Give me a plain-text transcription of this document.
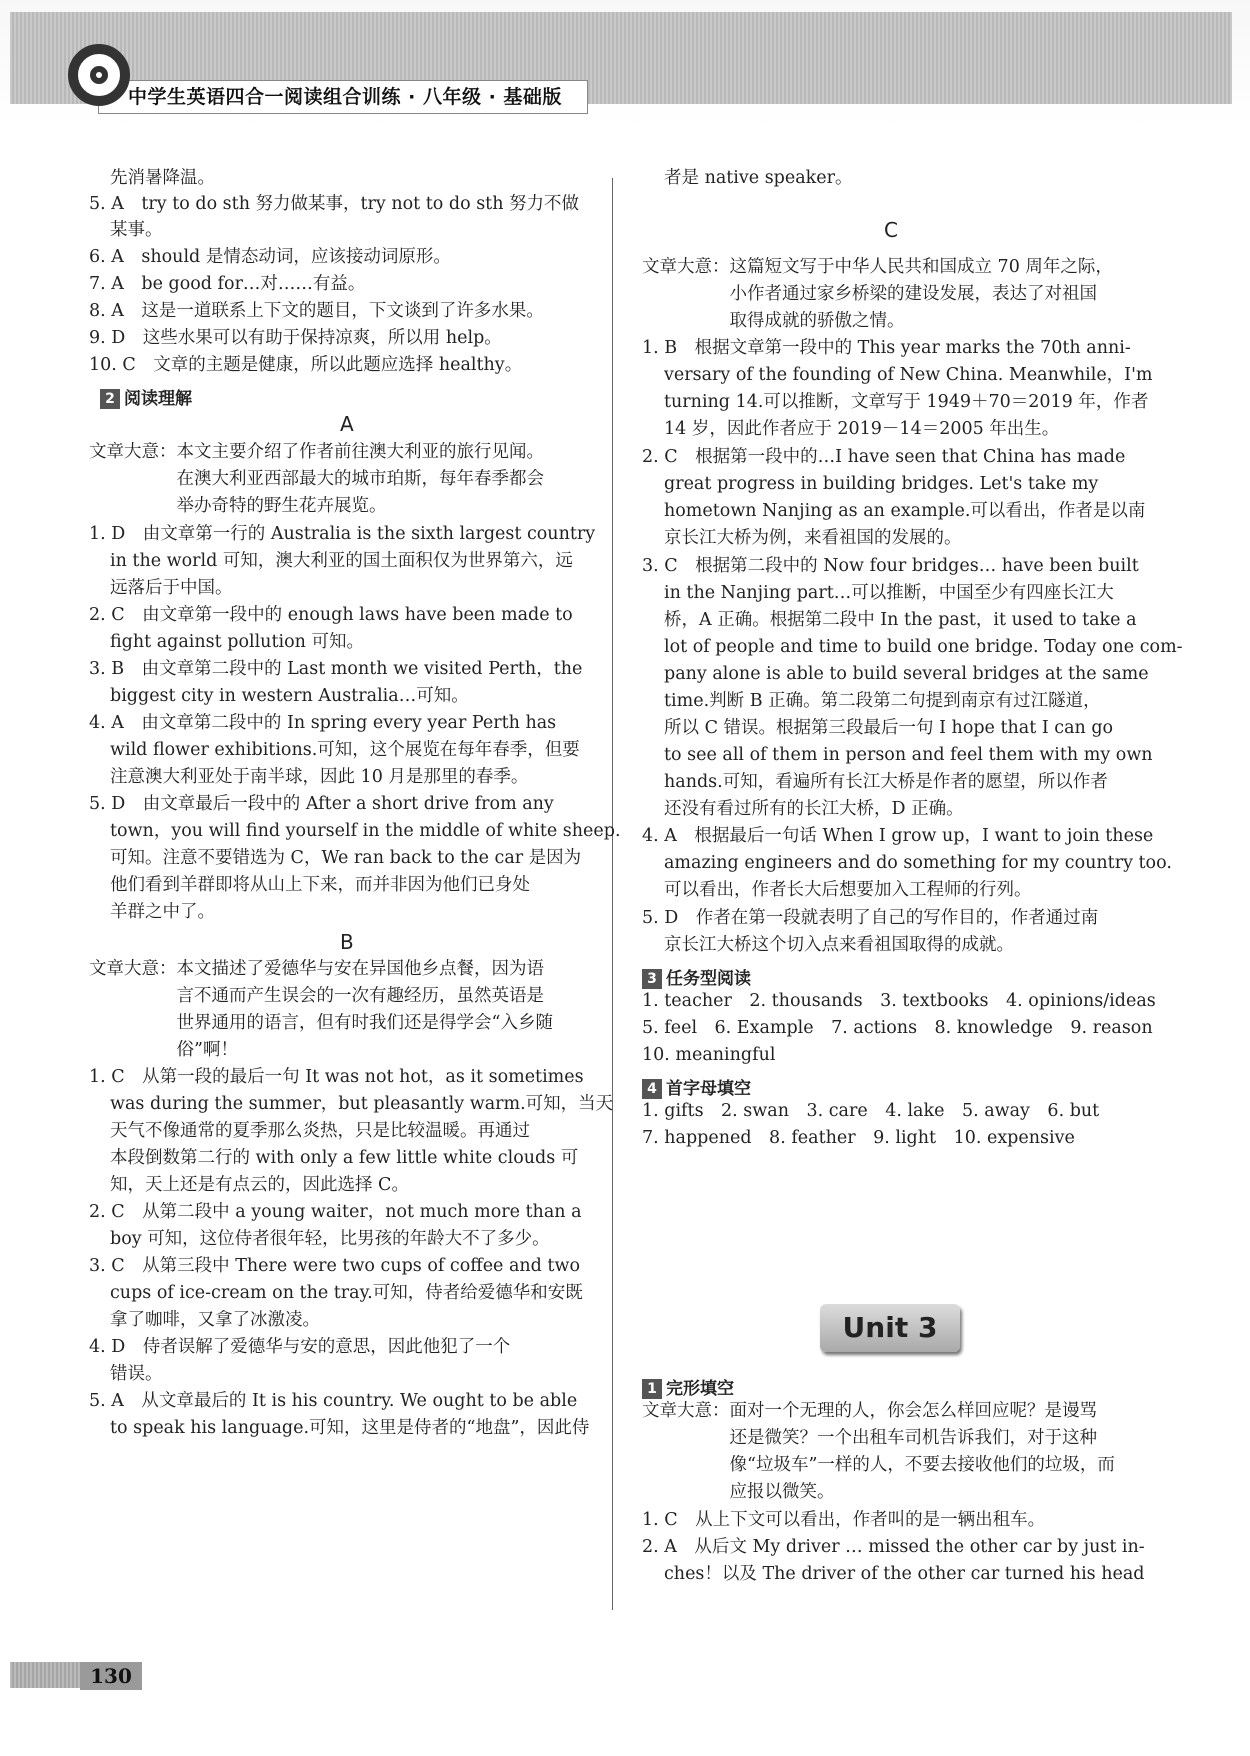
中学生英语四合一阅读组合训练 · 八年级 · 基础版
先消暑降温。
5. A　try to do sth 努力做某事，try not to do sth 努力不做
某事。
6. A　should 是情态动词，应该接动词原形。
7. A　be good for…对……有益。
8. A　这是一道联系上下文的题目，下文谈到了许多水果。
9. D　这些水果可以有助于保持凉爽，所以用 help。
10. C　文章的主题是健康，所以此题应选择 healthy。
2 阅读理解
A
文章大意：本文主要介绍了作者前往澳大利亚的旅行见闻。
　　　　　在澳大利亚西部最大的城市珀斯，每年春季都会
　　　　　举办奇特的野生花卉展览。
1. D　由文章第一行的 Australia is the sixth largest country
in the world 可知，澳大利亚的国土面积仅为世界第六，远
远落后于中国。
2. C　由文章第一段中的 enough laws have been made to
fight against pollution 可知。
3. B　由文章第二段中的 Last month we visited Perth，the
biggest city in western Australia…可知。
4. A　由文章第二段中的 In spring every year Perth has
wild flower exhibitions.可知，这个展览在每年春季，但要
注意澳大利亚处于南半球，因此 10 月是那里的春季。
5. D　由文章最后一段中的 After a short drive from any
town，you will find yourself in the middle of white sheep.
可知。注意不要错选为 C，We ran back to the car 是因为
他们看到羊群即将从山上下来，而并非因为他们已身处
羊群之中了。
B
文章大意：本文描述了爱德华与安在异国他乡点餐，因为语
　　　　　言不通而产生误会的一次有趣经历，虽然英语是
　　　　　世界通用的语言，但有时我们还是得学会“入乡随
　　　　　俗”啊！
1. C　从第一段的最后一句 It was not hot，as it sometimes
was during the summer，but pleasantly warm.可知，当天
天气不像通常的夏季那么炎热，只是比较温暖。再通过
本段倒数第二行的 with only a few little white clouds 可
知，天上还是有点云的，因此选择 C。
2. C　从第二段中 a young waiter，not much more than a
boy 可知，这位侍者很年轻，比男孩的年龄大不了多少。
3. C　从第三段中 There were two cups of coffee and two
cups of ice-cream on the tray.可知，侍者给爱德华和安既
拿了咖啡，又拿了冰激凌。
4. D　侍者误解了爱德华与安的意思，因此他犯了一个
错误。
5. A　从文章最后的 It is his country. We ought to be able
to speak his language.可知，这里是侍者的“地盘”，因此侍
者是 native speaker。
C
文章大意：这篇短文写于中华人民共和国成立 70 周年之际，
　　　　　小作者通过家乡桥梁的建设发展，表达了对祖国
　　　　　取得成就的骄傲之情。
1. B　根据文章第一段中的 This year marks the 70th anni-
versary of the founding of New China. Meanwhile，I'm
turning 14.可以推断，文章写于 1949＋70＝2019 年，作者
14 岁，因此作者应于 2019－14＝2005 年出生。
2. C　根据第一段中的…I have seen that China has made
great progress in building bridges. Let's take my
hometown Nanjing as an example.可以看出，作者是以南
京长江大桥为例，来看祖国的发展的。
3. C　根据第二段中的 Now four bridges… have been built
in the Nanjing part…可以推断，中国至少有四座长江大
桥，A 正确。根据第二段中 In the past，it used to take a
lot of people and time to build one bridge. Today one com-
pany alone is able to build several bridges at the same
time.判断 B 正确。第二段第二句提到南京有过江隧道，
所以 C 错误。根据第三段最后一句 I hope that I can go
to see all of them in person and feel them with my own
hands.可知，看遍所有长江大桥是作者的愿望，所以作者
还没有看过所有的长江大桥，D 正确。
4. A　根据最后一句话 When I grow up，I want to join these
amazing engineers and do something for my country too.
可以看出，作者长大后想要加入工程师的行列。
5. D　作者在第一段就表明了自己的写作目的，作者通过南
京长江大桥这个切入点来看祖国取得的成就。
3 任务型阅读
1. teacher　2. thousands　3. textbooks　4. opinions/ideas
5. feel　6. Example　7. actions　8. knowledge　9. reason
10. meaningful
4 首字母填空
1. gifts　2. swan　3. care　4. lake　5. away　6. but
7. happened　8. feather　9. light　10. expensive
Unit 3
1 完形填空
文章大意：面对一个无理的人，你会怎么样回应呢？是谩骂
　　　　　还是微笑？一个出租车司机告诉我们，对于这种
　　　　　像“垃圾车”一样的人，不要去接收他们的垃圾，而
　　　　　应报以微笑。
1. C　从上下文可以看出，作者叫的是一辆出租车。
2. A　从后文 My driver … missed the other car by just in-
ches！以及 The driver of the other car turned his head
130
